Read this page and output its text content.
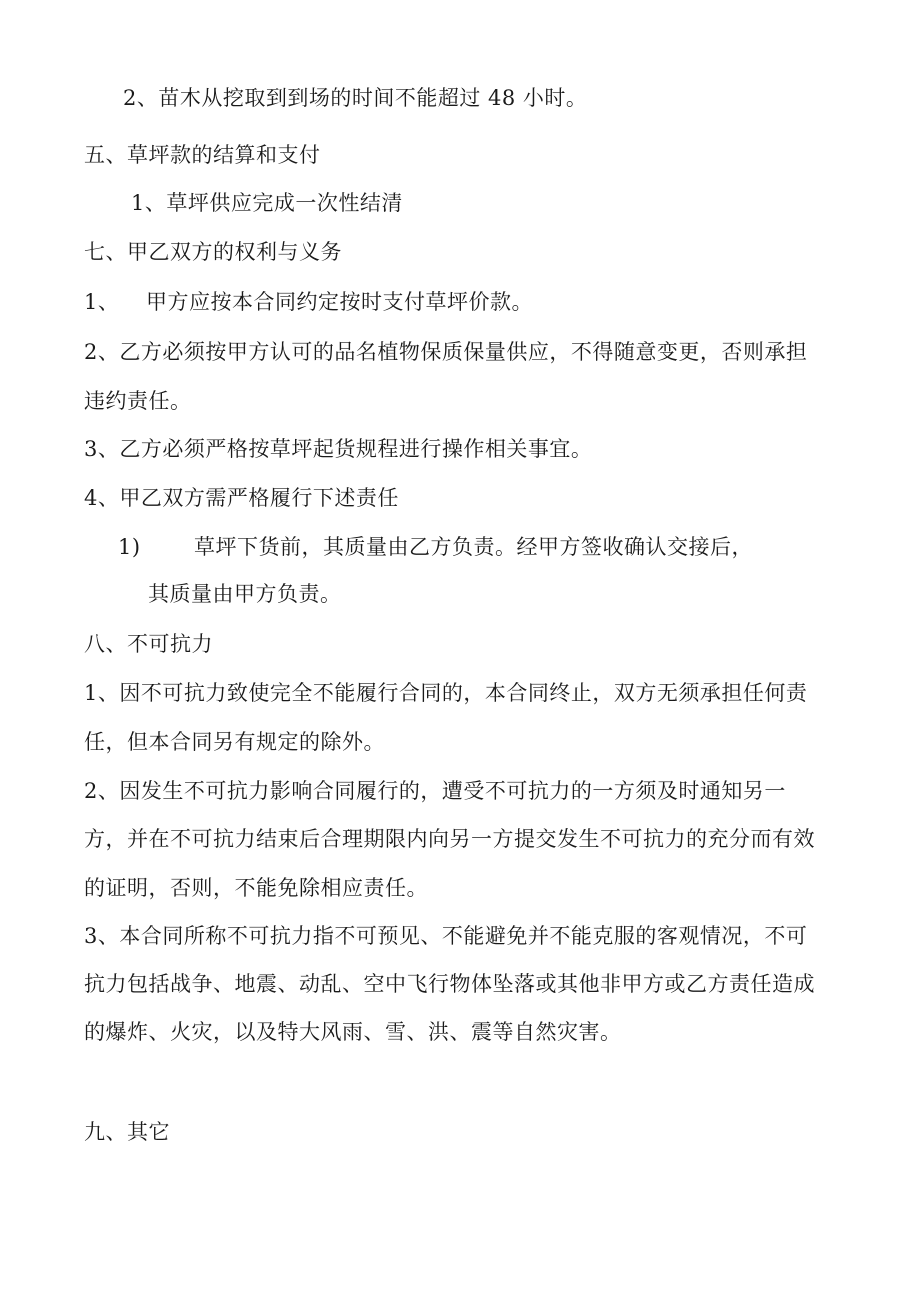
2、苗木从挖取到到场的时间不能超过 48 小时。
五、草坪款的结算和支付
1、草坪供应完成一次性结清
七、甲乙双方的权利与义务
1、 甲方应按本合同约定按时支付草坪价款。
2、乙方必须按甲方认可的品名植物保质保量供应，不得随意变更，否则承担
违约责任。
3、乙方必须严格按草坪起货规程进行操作相关事宜。
4、甲乙双方需严格履行下述责任
1)	草坪下货前，其质量由乙方负责。经甲方签收确认交接后，
其质量由甲方负责。
八、不可抗力
1、因不可抗力致使完全不能履行合同的，本合同终止，双方无须承担任何责
任，但本合同另有规定的除外。
2、因发生不可抗力影响合同履行的，遭受不可抗力的一方须及时通知另一
方，并在不可抗力结束后合理期限内向另一方提交发生不可抗力的充分而有效
的证明，否则，不能免除相应责任。
3、本合同所称不可抗力指不可预见、不能避免并不能克服的客观情况，不可
抗力包括战争、地震、动乱、空中飞行物体坠落或其他非甲方或乙方责任造成
的爆炸、火灾，以及特大风雨、雪、洪、震等自然灾害。
九、其它
